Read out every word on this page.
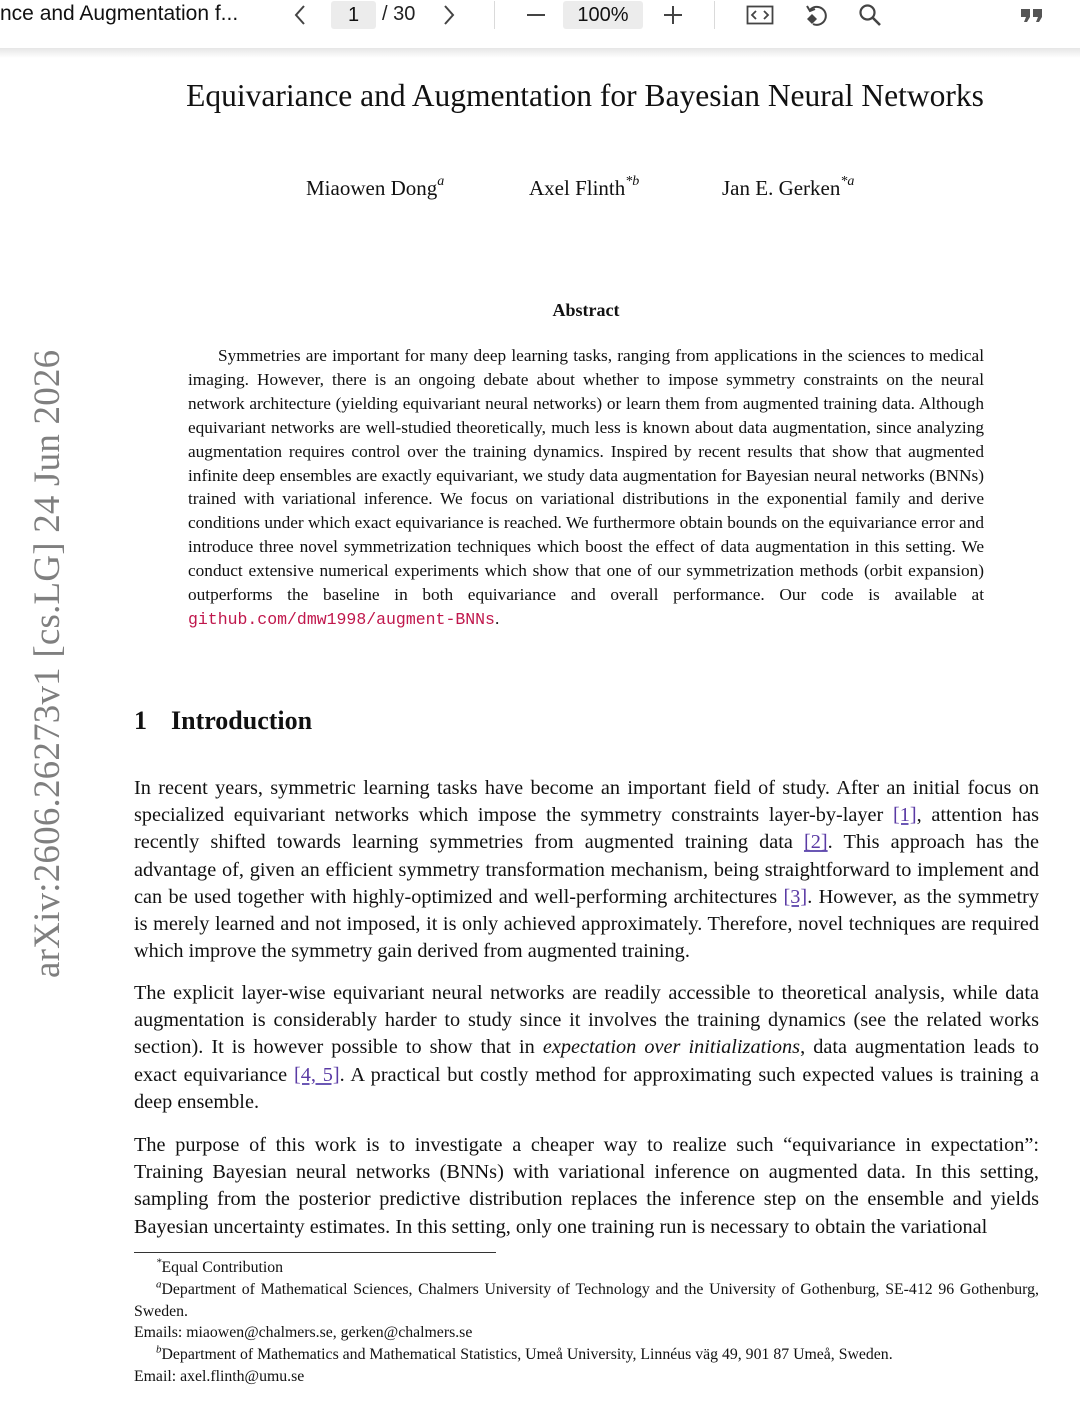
nce and Augmentation f...	1	/ 30	100%
arXiv:2606.26273v1 [cs.LG] 24 Jun 2026
Equivariance and Augmentation for Bayesian Neural Networks
Miaowen Dong$^a$	Axel Flinth$^{*b}$	Jan E. Gerken$^{*a}$
Abstract
Symmetries are important for many deep learning tasks, ranging from applications in the sciences to medical imaging. However, there is an ongoing debate about whether to impose symmetry constraints on the neural network architecture (yielding equivariant neural networks) or learn them from augmented training data. Although equivariant networks are well-studied theoretically, much less is known about data augmentation, since analyzing augmentation requires control over the training dynamics. Inspired by recent results that show that augmented infinite deep ensembles are exactly equivariant, we study data augmentation for Bayesian neural networks (BNNs) trained with variational inference. We focus on variational distributions in the exponential family and derive conditions under which exact equivariance is reached. We furthermore obtain bounds on the equivariance error and introduce three novel symmetrization techniques which boost the effect of data augmentation in this setting. We conduct extensive numerical experiments which show that one of our symmetrization methods (orbit expansion) outperforms the baseline in both equivariance and overall performance. Our code is available at github.com/dmw1998/augment-BNNs.
1 Introduction
In recent years, symmetric learning tasks have become an important field of study. After an initial focus on specialized equivariant networks which impose the symmetry constraints layer-by-layer [1], attention has recently shifted towards learning symmetries from augmented training data [2]. This approach has the advantage of, given an efficient symmetry transformation mechanism, being straightforward to implement and can be used together with highly-optimized and well-performing architectures [3]. However, as the symmetry is merely learned and not imposed, it is only achieved approximately. Therefore, novel techniques are required which improve the symmetry gain derived from augmented training.
The explicit layer-wise equivariant neural networks are readily accessible to theoretical analysis, while data augmentation is considerably harder to study since it involves the training dynamics (see the related works section). It is however possible to show that in expectation over initializations, data augmentation leads to exact equivariance [4, 5]. A practical but costly method for approximating such expected values is training a deep ensemble.
The purpose of this work is to investigate a cheaper way to realize such “equivariance in expectation”: Training Bayesian neural networks (BNNs) with variational inference on augmented data. In this setting, sampling from the posterior predictive distribution replaces the inference step on the ensemble and yields Bayesian uncertainty estimates. In this setting, only one training run is necessary to obtain the variational
*Equal Contribution
$^a$Department of Mathematical Sciences, Chalmers University of Technology and the University of Gothenburg, SE-412 96 Gothenburg, Sweden.
Emails: miaowen@chalmers.se, gerken@chalmers.se
$^b$Department of Mathematics and Mathematical Statistics, Umeå University, Linnéus väg 49, 901 87 Umeå, Sweden.
Email: axel.flinth@umu.se
